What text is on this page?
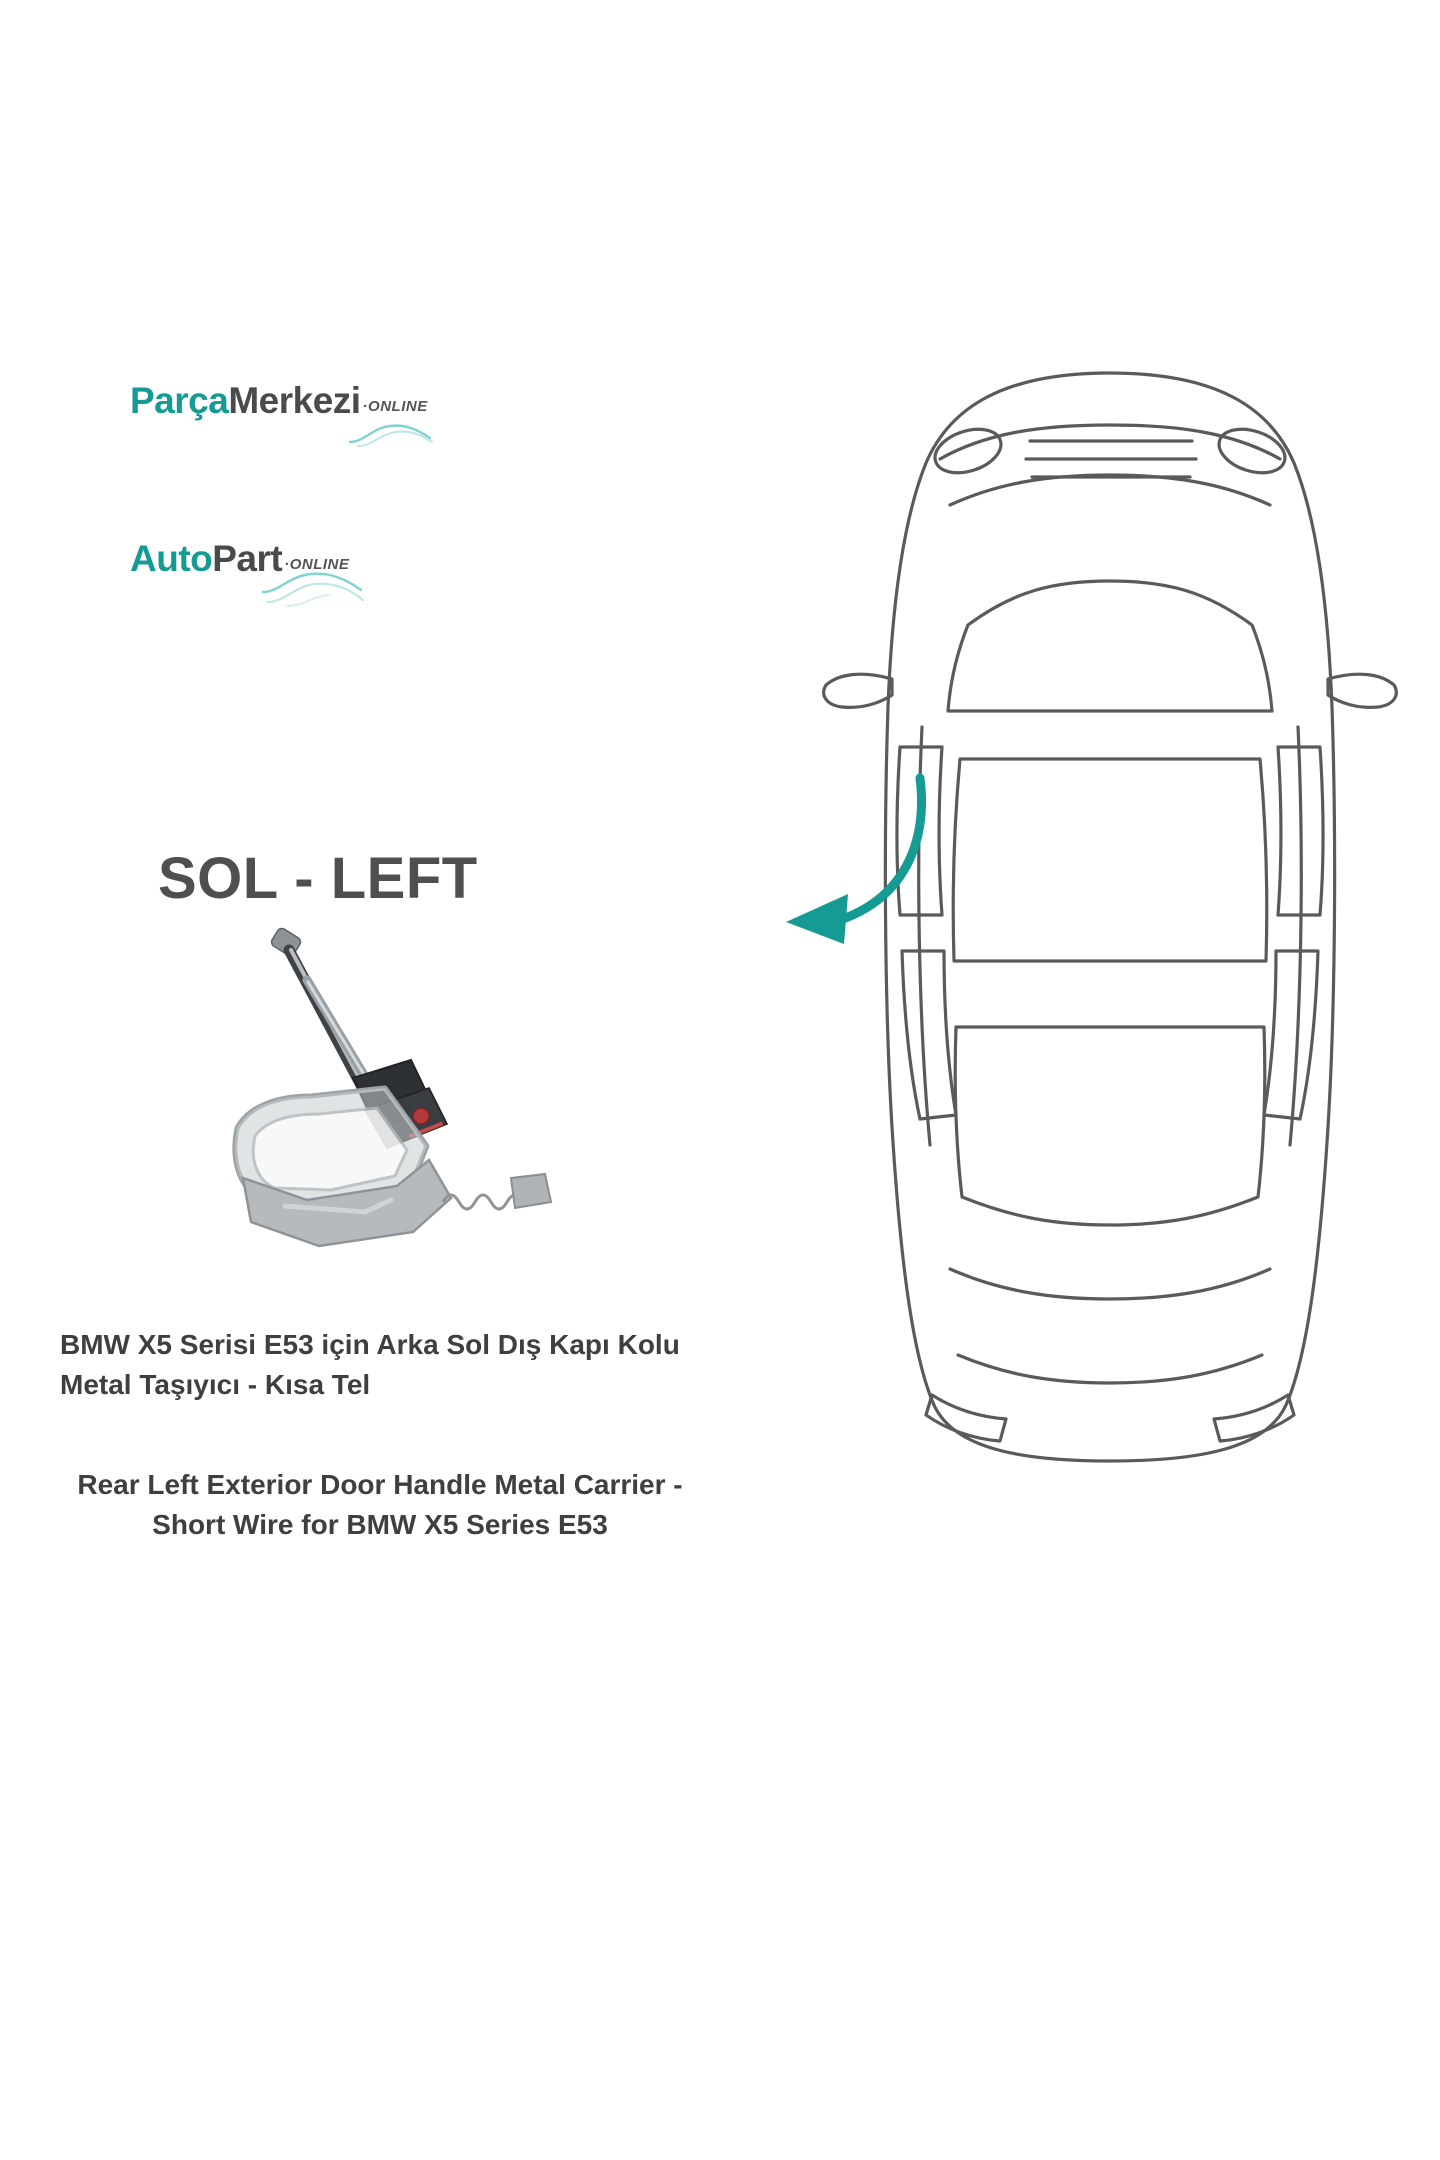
Parça Merkezi ·ONLINE
Auto Part ·ONLINE
SOL - LEFT
BMW X5 Serisi E53 için Arka Sol Dış Kapı Kolu Metal Taşıyıcı - Kısa Tel
Rear Left Exterior Door Handle Metal Carrier - Short Wire for BMW X5 Series E53
